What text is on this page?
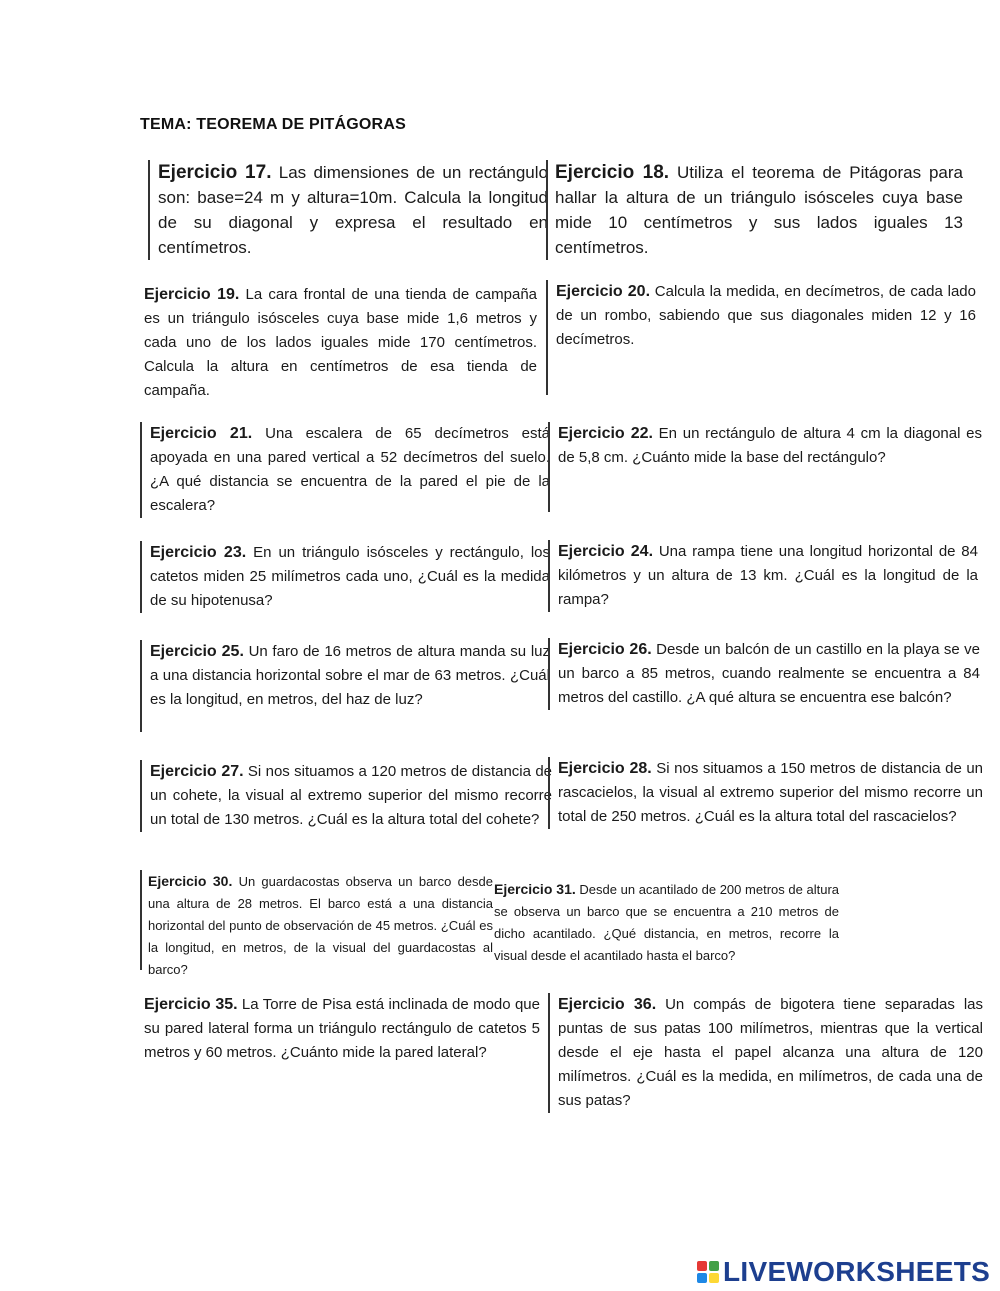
TEMA: TEOREMA DE PITÁGORAS
Ejercicio 17. Las dimensiones de un rectángulo son: base=24 m y altura=10m. Calcula la longitud de su diagonal y expresa el resultado en centímetros.
Ejercicio 18. Utiliza el teorema de Pitágoras para hallar la altura de un triángulo isósceles cuya base mide 10 centímetros y sus lados iguales 13 centímetros.
Ejercicio 19. La cara frontal de una tienda de campaña es un triángulo isósceles cuya base mide 1,6 metros y cada uno de los lados iguales mide 170 centímetros. Calcula la altura en centímetros de esa tienda de campaña.
Ejercicio 20. Calcula la medida, en decímetros, de cada lado de un rombo, sabiendo que sus diagonales miden 12 y 16 decímetros.
Ejercicio 21. Una escalera de 65 decímetros está apoyada en una pared vertical a 52 decímetros del suelo. ¿A qué distancia se encuentra de la pared el pie de la escalera?
Ejercicio 22. En un rectángulo de altura 4 cm la diagonal es de 5,8 cm. ¿Cuánto mide la base del rectángulo?
Ejercicio 23. En un triángulo isósceles y rectángulo, los catetos miden 25 milímetros cada uno, ¿Cuál es la medida de su hipotenusa?
Ejercicio 24. Una rampa tiene una longitud horizontal de 84 kilómetros y un altura de 13 km. ¿Cuál es la longitud de la rampa?
Ejercicio 25. Un faro de 16 metros de altura manda su luz a una distancia horizontal sobre el mar de 63 metros. ¿Cuál es la longitud, en metros, del haz de luz?
Ejercicio 26. Desde un balcón de un castillo en la playa se ve un barco a 85 metros, cuando realmente se encuentra a 84 metros del castillo. ¿A qué altura se encuentra ese balcón?
Ejercicio 27. Si nos situamos a 120 metros de distancia de un cohete, la visual al extremo superior del mismo recorre un total de 130 metros. ¿Cuál es la altura total del cohete?
Ejercicio 28. Si nos situamos a 150 metros de distancia de un rascacielos, la visual al extremo superior del mismo recorre un total de 250 metros. ¿Cuál es la altura total del rascacielos?
Ejercicio 30. Un guardacostas observa un barco desde una altura de 28 metros. El barco está a una distancia horizontal del punto de observación de 45 metros. ¿Cuál es la longitud, en metros, de la visual del guardacostas al barco?
Ejercicio 31. Desde un acantilado de 200 metros de altura se observa un barco que se encuentra a 210 metros de dicho acantilado. ¿Qué distancia, en metros, recorre la visual desde el acantilado hasta el barco?
Ejercicio 35. La Torre de Pisa está inclinada de modo que su pared lateral forma un triángulo rectángulo de catetos 5 metros y 60 metros. ¿Cuánto mide la pared lateral?
Ejercicio 36. Un compás de bigotera tiene separadas las puntas de sus patas 100 milímetros, mientras que la vertical desde el eje hasta el papel alcanza una altura de 120 milímetros. ¿Cuál es la medida, en milímetros, de cada una de sus patas?
LIVEWORKSHEETS
